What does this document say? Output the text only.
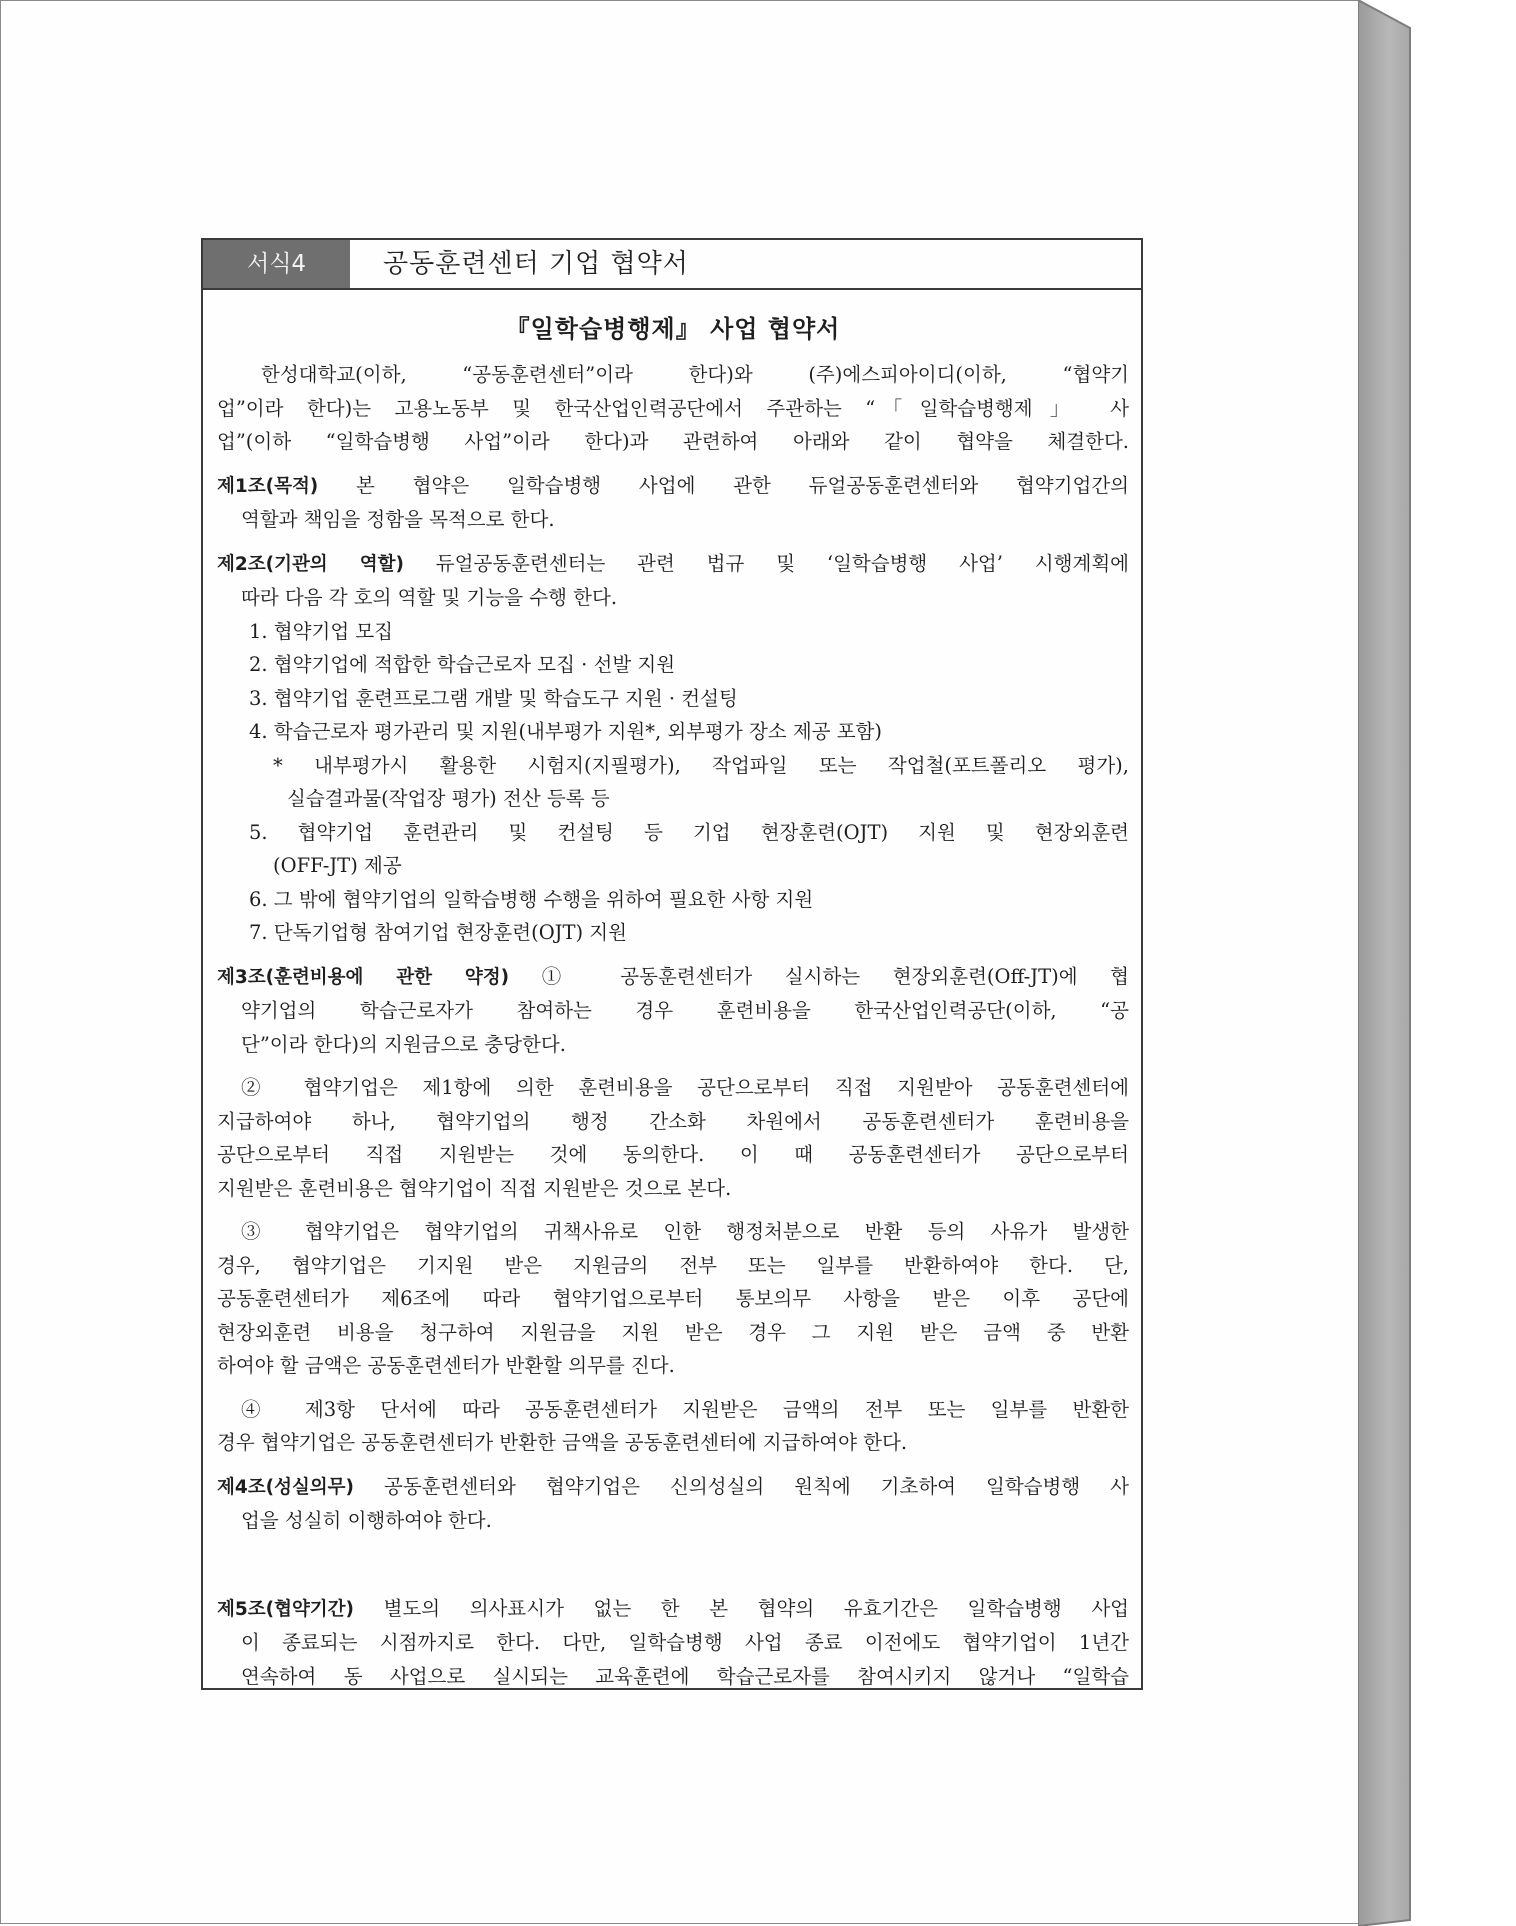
서식4	공동훈련센터 기업 협약서
『일학습병행제』 사업 협약서
한성대학교(이하, “공동훈련센터”이라 한다)와 (주)에스피아이디(이하, “협약기
업”이라 한다)는 고용노동부 및 한국산업인력공단에서 주관하는 “「일학습병행제」 사
업”(이하 “일학습병행 사업”이라 한다)과 관련하여 아래와 같이 협약을 체결한다.
제1조(목적) 본 협약은 일학습병행 사업에 관한 듀얼공동훈련센터와 협약기업간의
역할과 책임을 정함을 목적으로 한다.
제2조(기관의 역할) 듀얼공동훈련센터는 관련 법규 및 ‘일학습병행 사업’ 시행계획에
따라 다음 각 호의 역할 및 기능을 수행 한다.
1. 협약기업 모집
2. 협약기업에 적합한 학습근로자 모집 · 선발 지원
3. 협약기업 훈련프로그램 개발 및 학습도구 지원 · 컨설팅
4. 학습근로자 평가관리 및 지원(내부평가 지원*, 외부평가 장소 제공 포함)
* 내부평가시 활용한 시험지(지필평가), 작업파일 또는 작업철(포트폴리오 평가),
실습결과물(작업장 평가) 전산 등록 등
5. 협약기업 훈련관리 및 컨설팅 등 기업 현장훈련(OJT) 지원 및 현장외훈련
(OFF-JT) 제공
6. 그 밖에 협약기업의 일학습병행 수행을 위하여 필요한 사항 지원
7. 단독기업형 참여기업 현장훈련(OJT) 지원
제3조(훈련비용에 관한 약정) ① 공동훈련센터가 실시하는 현장외훈련(Off-JT)에 협
약기업의 학습근로자가 참여하는 경우 훈련비용을 한국산업인력공단(이하, “공
단”이라 한다)의 지원금으로 충당한다.
② 협약기업은 제1항에 의한 훈련비용을 공단으로부터 직접 지원받아 공동훈련센터에
지급하여야 하나, 협약기업의 행정 간소화 차원에서 공동훈련센터가 훈련비용을
공단으로부터 직접 지원받는 것에 동의한다. 이 때 공동훈련센터가 공단으로부터
지원받은 훈련비용은 협약기업이 직접 지원받은 것으로 본다.
③ 협약기업은 협약기업의 귀책사유로 인한 행정처분으로 반환 등의 사유가 발생한
경우, 협약기업은 기지원 받은 지원금의 전부 또는 일부를 반환하여야 한다. 단,
공동훈련센터가 제6조에 따라 협약기업으로부터 통보의무 사항을 받은 이후 공단에
현장외훈련 비용을 청구하여 지원금을 지원 받은 경우 그 지원 받은 금액 중 반환
하여야 할 금액은 공동훈련센터가 반환할 의무를 진다.
④ 제3항 단서에 따라 공동훈련센터가 지원받은 금액의 전부 또는 일부를 반환한
경우 협약기업은 공동훈련센터가 반환한 금액을 공동훈련센터에 지급하여야 한다.
제4조(성실의무) 공동훈련센터와 협약기업은 신의성실의 원칙에 기초하여 일학습병행 사
업을 성실히 이행하여야 한다.
제5조(협약기간) 별도의 의사표시가 없는 한 본 협약의 유효기간은 일학습병행 사업
이 종료되는 시점까지로 한다. 다만, 일학습병행 사업 종료 이전에도 협약기업이 1년간
연속하여 동 사업으로 실시되는 교육훈련에 학습근로자를 참여시키지 않거나 “일학습
